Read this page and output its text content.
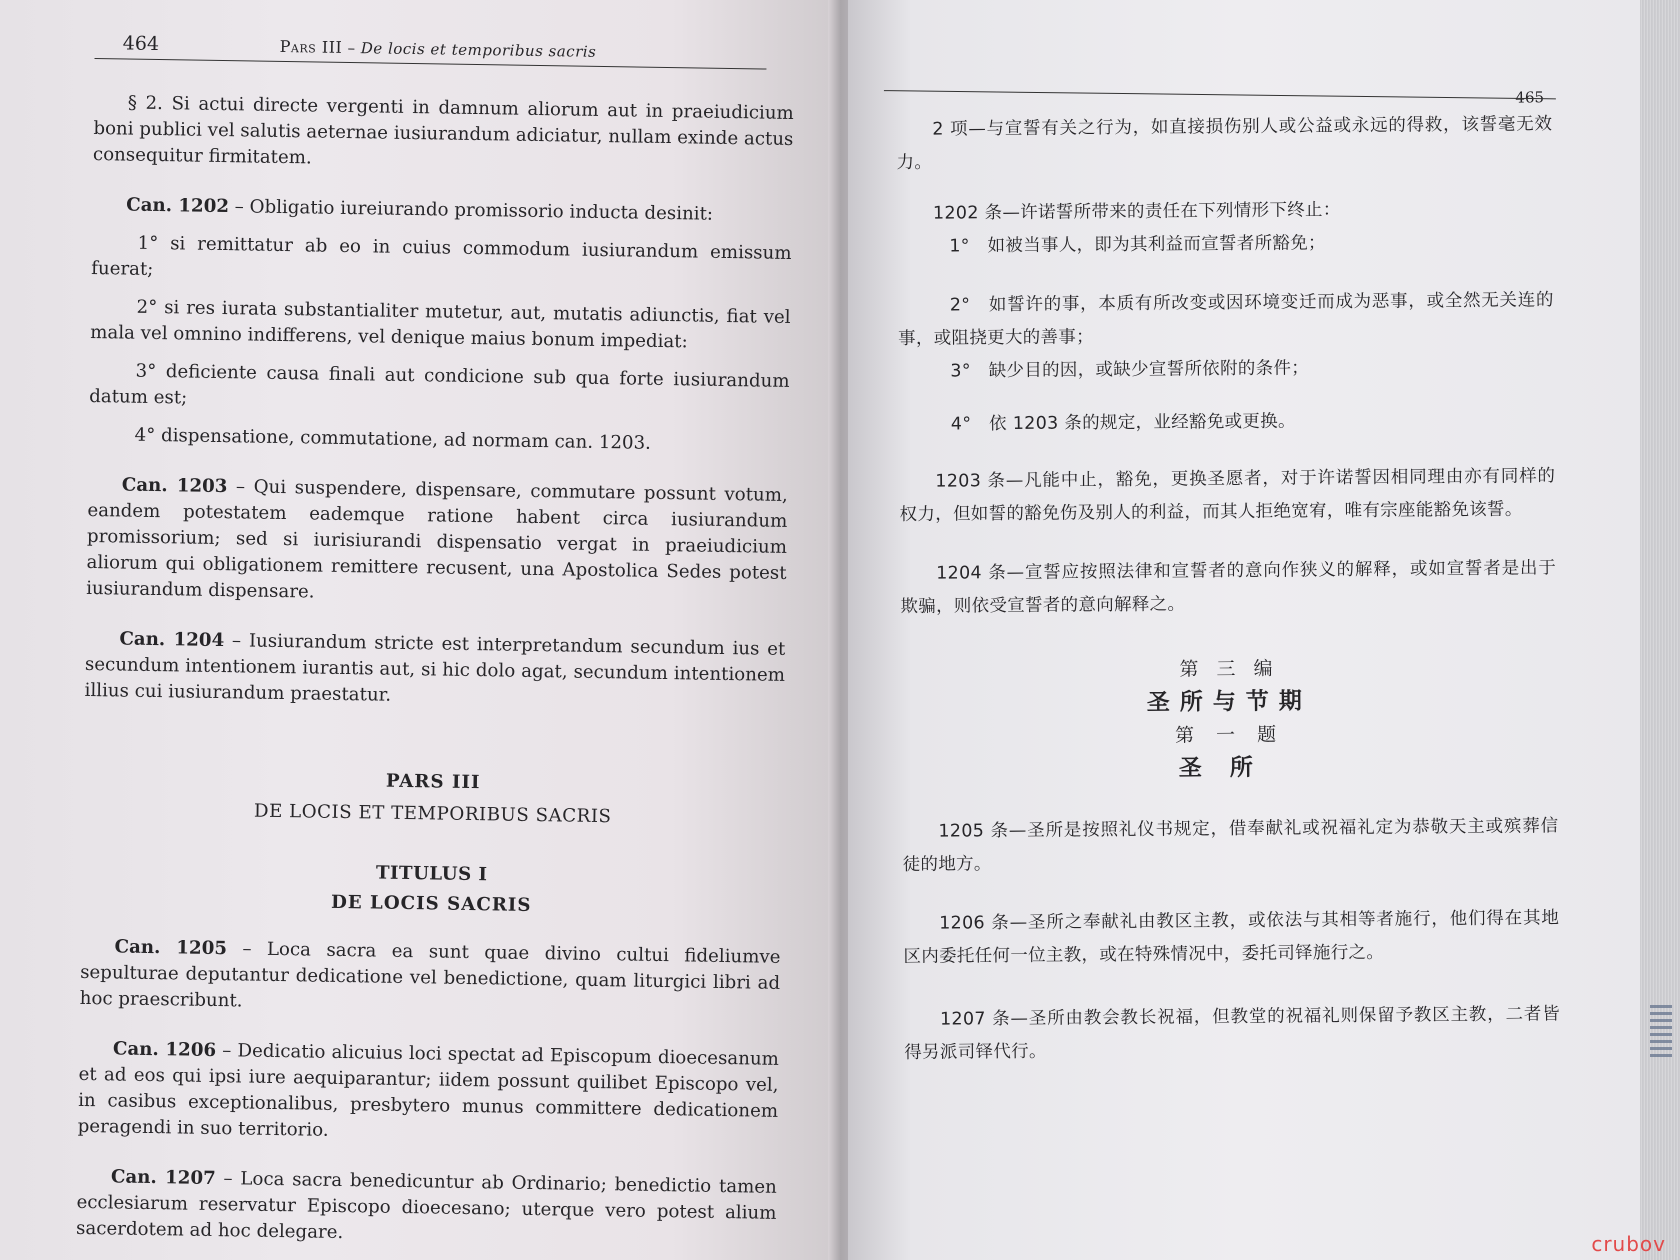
464	Pars III – De locis et temporibus sacris

§ 2. Si actui directe vergenti in damnum aliorum aut in praeiudicium boni publici vel salutis aeternae iusiurandum adiciatur, nullam exinde actus consequitur firmitatem.

Can. 1202 – Obligatio iureiurando promissorio inducta desinit:

1° si remittatur ab eo in cuius commodum iusiurandum emissum fuerat;

2° si res iurata substantialiter mutetur, aut, mutatis adiunctis, fiat vel mala vel omnino indifferens, vel denique maius bonum impediat:

3° deficiente causa finali aut condicione sub qua forte iusiurandum datum est;

4° dispensatione, commutatione, ad normam can. 1203.

Can. 1203 – Qui suspendere, dispensare, commutare possunt votum, eandem potestatem eademque ratione habent circa iusiurandum promissorium; sed si iurisiurandi dispensatio vergat in praeiudicium aliorum qui obligationem remittere recusent, una Apostolica Sedes potest iusiurandum dispensare.

Can. 1204 – Iusiurandum stricte est interpretandum secundum ius et secundum intentionem iurantis aut, si hic dolo agat, secundum intentionem illius cui iusiurandum praestatur.

PARS III

DE LOCIS ET TEMPORIBUS SACRIS

TITULUS I

DE LOCIS SACRIS

Can. 1205 – Loca sacra ea sunt quae divino cultui fideliumve sepulturae deputantur dedicatione vel benedictione, quam liturgici libri ad hoc praescribunt.

Can. 1206 – Dedicatio alicuius loci spectat ad Episcopum dioecesanum et ad eos qui ipsi iure aequiparantur; iidem possunt quilibet Episcopo vel, in casibus exceptionalibus, presbytero munus committere dedicationem peragendi in suo territorio.

Can. 1207 – Loca sacra benedicuntur ab Ordinario; benedictio tamen ecclesiarum reservatur Episcopo dioecesano; uterque vero potest alium sacerdotem ad hoc delegare.

465

2 项—与宣誓有关之行为，如直接损伤别人或公益或永远的得救，该誓毫无效力。

1202 条—许诺誓所带来的责任在下列情形下终止：

1°　如被当事人，即为其利益而宣誓者所豁免；

2°　如誓许的事，本质有所改变或因环境变迁而成为恶事，或全然无关连的事，或阻挠更大的善事；

3°　缺少目的因，或缺少宣誓所依附的条件；

4°　依 1203 条的规定，业经豁免或更换。

1203 条—凡能中止，豁免，更换圣愿者，对于许诺誓因相同理由亦有同样的权力，但如誓的豁免伤及别人的利益，而其人拒绝宽宥，唯有宗座能豁免该誓。

1204 条—宣誓应按照法律和宣誓者的意向作狭义的解释，或如宣誓者是出于欺骗，则依受宣誓者的意向解释之。

第 三 编

圣所与节期

第 一 题

圣所

1205 条—圣所是按照礼仪书规定，借奉献礼或祝福礼定为恭敬天主或殡葬信徒的地方。

1206 条—圣所之奉献礼由教区主教，或依法与其相等者施行，他们得在其地区内委托任何一位主教，或在特殊情况中，委托司铎施行之。

1207 条—圣所由教会教长祝福，但教堂的祝福礼则保留予教区主教，二者皆得另派司铎代行。

crubov
